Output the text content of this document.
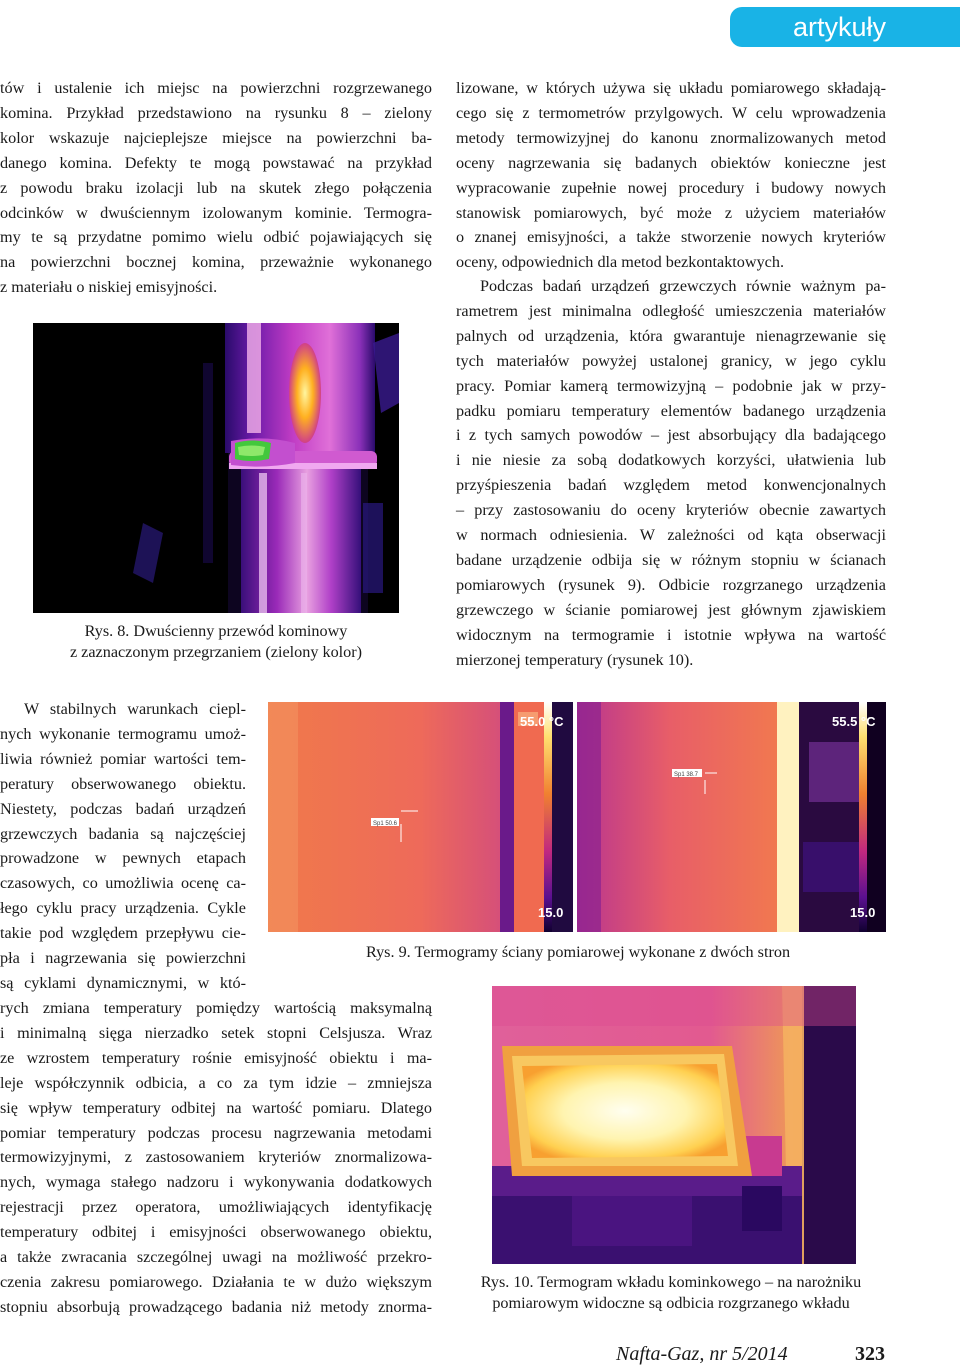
artykuły
tów i ustalenie ich miejsc na powierzchni rozgrzewanego
komina. Przykład przedstawiono na rysunku 8 – zielony
kolor wskazuje najcieplejsze miejsce na powierzchni ba-
danego komina. Defekty te mogą powstawać na przykład
z powodu braku izolacji lub na skutek złego połączenia
odcinków w dwuściennym izolowanym kominie. Termogra-
my te są przydatne pomimo wielu odbić pojawiających się
na powierzchni bocznej komina, przeważnie wykonanego
z materiału o niskiej emisyjności.
Rys. 8. Dwuścienny przewód kominowy
z zaznaczonym przegrzaniem (zielony kolor)
lizowane, w których używa się układu pomiarowego składają-
cego się z termometrów przylgowych. W celu wprowadzenia
metody termowizyjnej do kanonu znormalizowanych metod
oceny nagrzewania się badanych obiektów konieczne jest
wypracowanie zupełnie nowej procedury i budowy nowych
stanowisk pomiarowych, być może z użyciem materiałów
o znanej emisyjności, a także stworzenie nowych kryteriów
oceny, odpowiednich dla metod bezkontaktowych.
Podczas badań urządzeń grzewczych równie ważnym pa-
rametrem jest minimalna odległość umieszczenia materiałów
palnych od urządzenia, która gwarantuje nienagrzewanie się
tych materiałów powyżej ustalonej granicy, w jego cyklu
pracy. Pomiar kamerą termowizyjną – podobnie jak w przy-
padku pomiaru temperatury elementów badanego urządzenia
i z tych samych powodów – jest absorbujący dla badającego
i nie niesie za sobą dodatkowych korzyści, ułatwienia lub
przyśpieszenia badań względem metod konwencjonalnych
– przy zastosowaniu do oceny kryteriów obecnie zawartych
w normach odniesienia. W zależności od kąta obserwacji
badane urządzenie odbija się w różnym stopniu w ścianach
pomiarowych (rysunek 9). Odbicie rozgrzanego urządzenia
grzewczego w ścianie pomiarowej jest głównym zjawiskiem
widocznym na termogramie i istotnie wpływa na wartość
mierzonej temperatury (rysunek 10).
W stabilnych warunkach ciepl-
nych wykonanie termogramu umoż-
liwia również pomiar wartości tem-
peratury obserwowanego obiektu.
Niestety, podczas badań urządzeń
grzewczych badania są najczęściej
prowadzone w pewnych etapach
czasowych, co umożliwia ocenę ca-
łego cyklu pracy urządzenia. Cykle
takie pod względem przepływu cie-
pła i nagrzewania się powierzchni
są cyklami dynamicznymi, w któ-
rych zmiana temperatury pomiędzy wartością maksymalną
i minimalną sięga nierzadko setek stopni Celsjusza. Wraz
ze wzrostem temperatury rośnie emisyjność obiektu i ma-
leje współczynnik odbicia, a co za tym idzie – zmniejsza
się wpływ temperatury odbitej na wartość pomiaru. Dlatego
pomiar temperatury podczas procesu nagrzewania metodami
termowizyjnymi, z zastosowaniem kryteriów znormalizowa-
nych, wymaga stałego nadzoru i wykonywania dodatkowych
rejestracji przez operatora, umożliwiających identyfikację
temperatury odbitej i emisyjności obserwowanego obiektu,
a także zwracania szczególnej uwagi na możliwość przekro-
czenia zakresu pomiarowego. Działania te w dużo większym
stopniu absorbują prowadzącego badania niż metody znorma-
Sp1 50.6
55.0 °C
15.0
Sp1 38.7
55.5 °C
15.0
Rys. 9. Termogramy ściany pomiarowej wykonane z dwóch stron
Rys. 10. Termogram wkładu kominkowego – na narożniku
pomiarowym widoczne są odbicia rozgrzanego wkładu
Nafta-Gaz, nr 5/2014	323
